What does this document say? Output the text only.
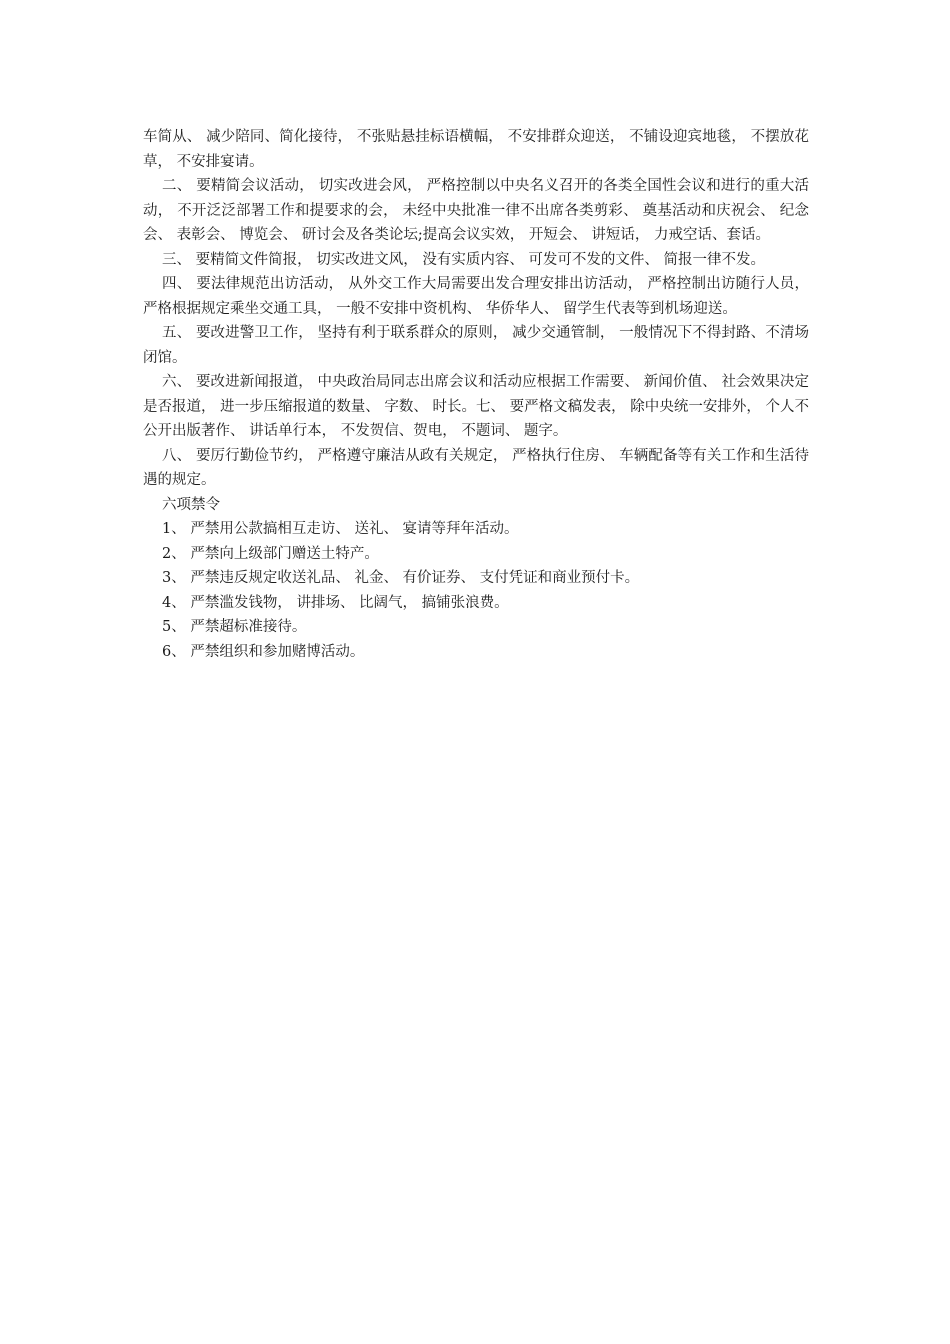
车简从、 减少陪同、简化接待， 不张贴悬挂标语横幅， 不安排群众迎送， 不铺设迎宾地毯， 不摆放花草， 不安排宴请。

二、 要精简会议活动， 切实改进会风， 严格控制以中央名义召开的各类全国性会议和进行的重大活动， 不开泛泛部署工作和提要求的会， 未经中央批准一律不出席各类剪彩、 奠基活动和庆祝会、 纪念会、 表彰会、 博览会、 研讨会及各类论坛;提高会议实效， 开短会、 讲短话， 力戒空话、套话。

三、 要精简文件简报， 切实改进文风， 没有实质内容、 可发可不发的文件、 简报一律不发。

四、 要法律规范出访活动， 从外交工作大局需要出发合理安排出访活动， 严格控制出访随行人员，严格根据规定乘坐交通工具， 一般不安排中资机构、 华侨华人、 留学生代表等到机场迎送。

五、 要改进警卫工作， 坚持有利于联系群众的原则， 减少交通管制， 一般情况下不得封路、不清场闭馆。

六、 要改进新闻报道， 中央政治局同志出席会议和活动应根据工作需要、 新闻价值、 社会效果决定是否报道， 进一步压缩报道的数量、 字数、 时长。七、 要严格文稿发表， 除中央统一安排外， 个人不公开出版著作、 讲话单行本， 不发贺信、贺电， 不题词、 题字。

八、 要厉行勤俭节约， 严格遵守廉洁从政有关规定， 严格执行住房、 车辆配备等有关工作和生活待遇的规定。

六项禁令

1、 严禁用公款搞相互走访、 送礼、 宴请等拜年活动。

2、 严禁向上级部门赠送土特产。

3、 严禁违反规定收送礼品、 礼金、 有价证券、 支付凭证和商业预付卡。

4、 严禁滥发钱物， 讲排场、 比阔气， 搞铺张浪费。

5、 严禁超标准接待。

6、 严禁组织和参加赌博活动。
